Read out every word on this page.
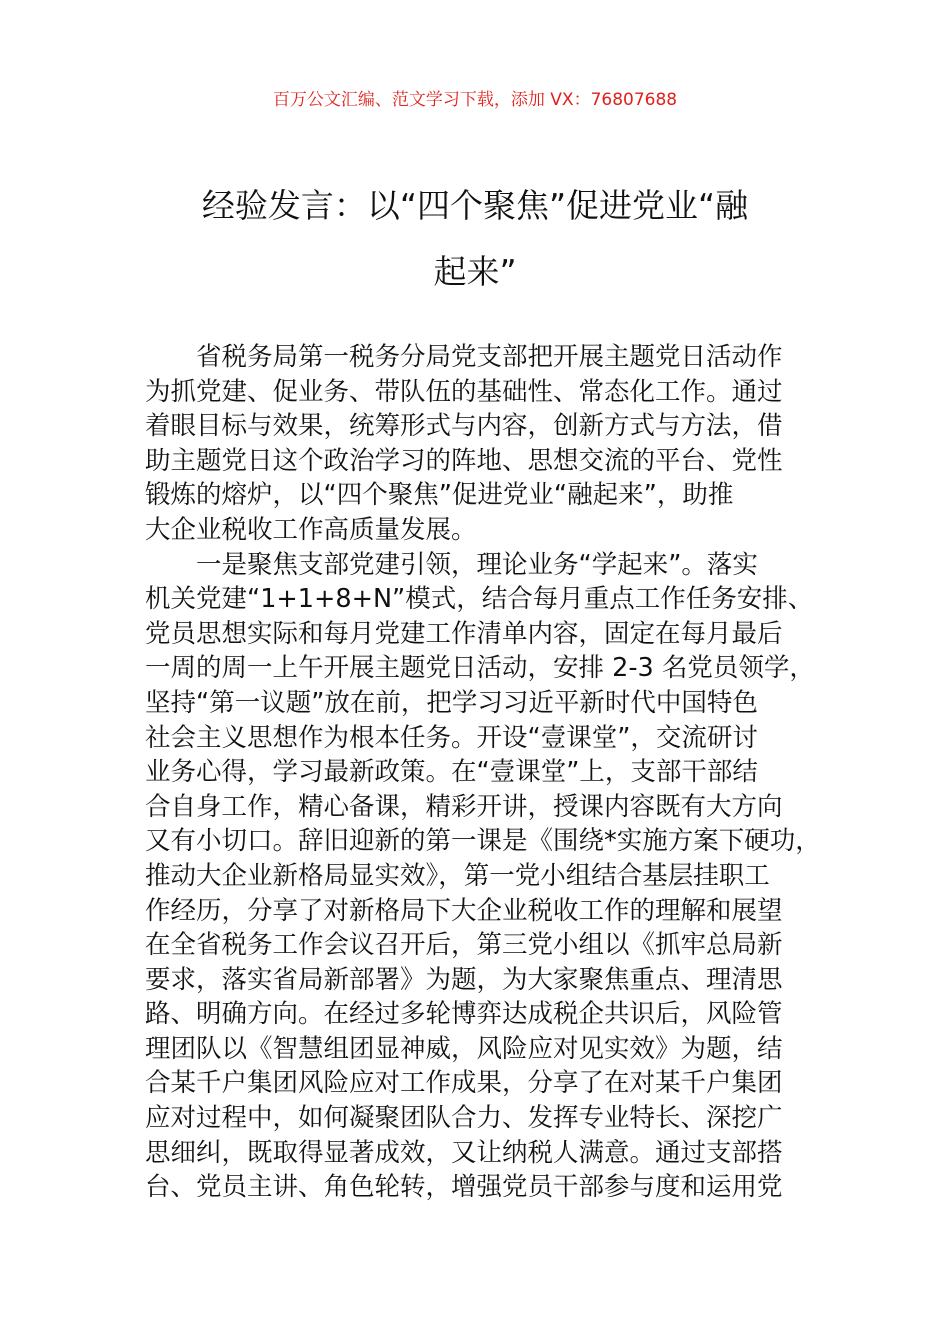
百万公文汇编、范文学习下载，添加 VX：76807688
经验发言：以“四个聚焦”促进党业“融
起来”
省税务局第一税务分局党支部把开展主题党日活动作
为抓党建、促业务、带队伍的基础性、常态化工作。通过
着眼目标与效果，统筹形式与内容，创新方式与方法，借
助主题党日这个政治学习的阵地、思想交流的平台、党性
锻炼的熔炉，以“四个聚焦”促进党业“融起来”，助推
大企业税收工作高质量发展。
一是聚焦支部党建引领，理论业务“学起来”。落实
机关党建“1+1+8+N”模式，结合每月重点工作任务安排、
党员思想实际和每月党建工作清单内容，固定在每月最后
一周的周一上午开展主题党日活动，安排 2-3 名党员领学，
坚持“第一议题”放在前，把学习习近平新时代中国特色
社会主义思想作为根本任务。开设“壹课堂”，交流研讨
业务心得，学习最新政策。在“壹课堂”上，支部干部结
合自身工作，精心备课，精彩开讲，授课内容既有大方向
又有小切口。辞旧迎新的第一课是《围绕*实施方案下硬功，
推动大企业新格局显实效》，第一党小组结合基层挂职工
作经历，分享了对新格局下大企业税收工作的理解和展望
在全省税务工作会议召开后，第三党小组以《抓牢总局新
要求，落实省局新部署》为题，为大家聚焦重点、理清思
路、明确方向。在经过多轮博弈达成税企共识后，风险管
理团队以《智慧组团显神威，风险应对见实效》为题，结
合某千户集团风险应对工作成果，分享了在对某千户集团
应对过程中，如何凝聚团队合力、发挥专业特长、深挖广
思细纠，既取得显著成效，又让纳税人满意。通过支部搭
台、党员主讲、角色轮转，增强党员干部参与度和运用党
